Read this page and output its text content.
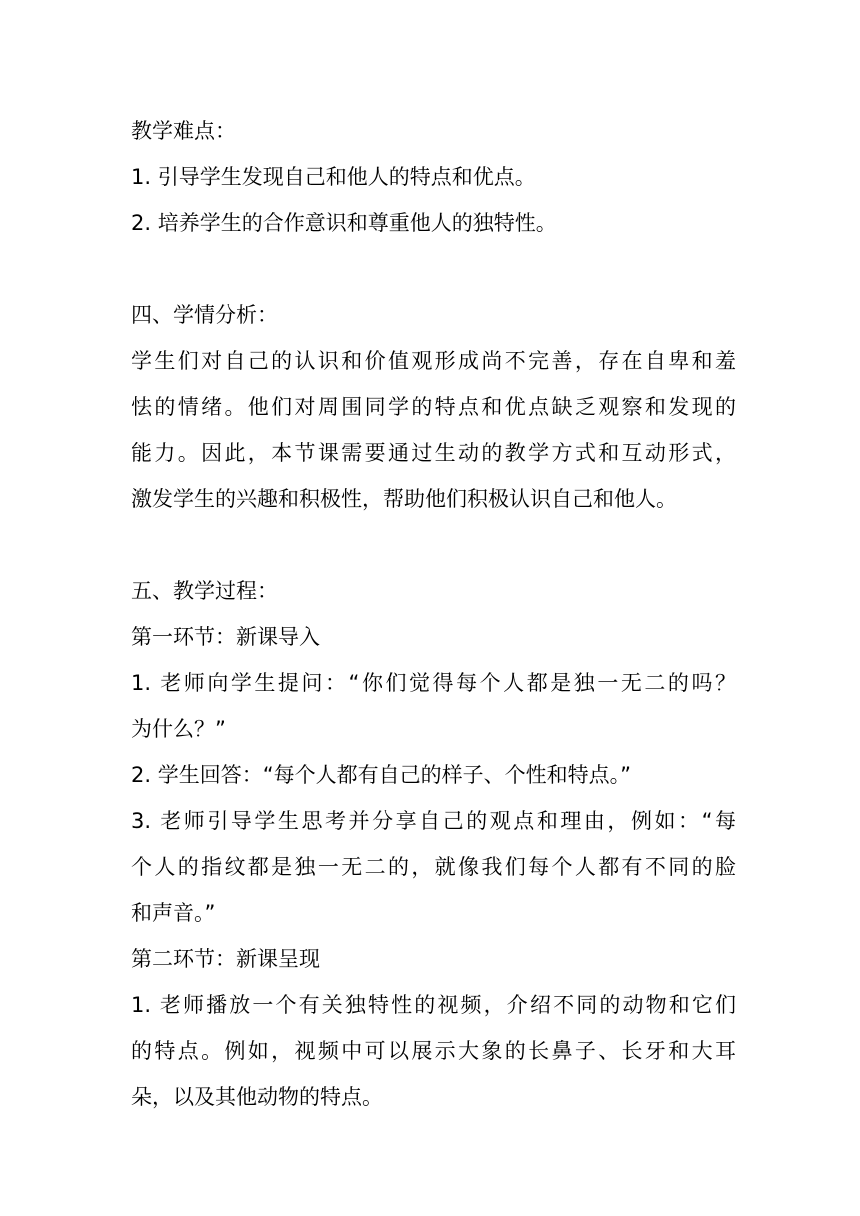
教学难点：

1. 引导学生发现自己和他人的特点和优点。

2. 培养学生的合作意识和尊重他人的独特性。

四、学情分析：

学生们对自己的认识和价值观形成尚不完善，存在自卑和羞

怯的情绪。他们对周围同学的特点和优点缺乏观察和发现的

能力。因此，本节课需要通过生动的教学方式和互动形式，

激发学生的兴趣和积极性，帮助他们积极认识自己和他人。

五、教学过程：

第一环节：新课导入

1. 老师向学生提问：“你们觉得每个人都是独一无二的吗？

为什么？”

2. 学生回答：“每个人都有自己的样子、个性和特点。”

3. 老师引导学生思考并分享自己的观点和理由，例如：“每

个人的指纹都是独一无二的，就像我们每个人都有不同的脸

和声音。”

第二环节：新课呈现

1. 老师播放一个有关独特性的视频，介绍不同的动物和它们

的特点。例如，视频中可以展示大象的长鼻子、长牙和大耳

朵，以及其他动物的特点。
